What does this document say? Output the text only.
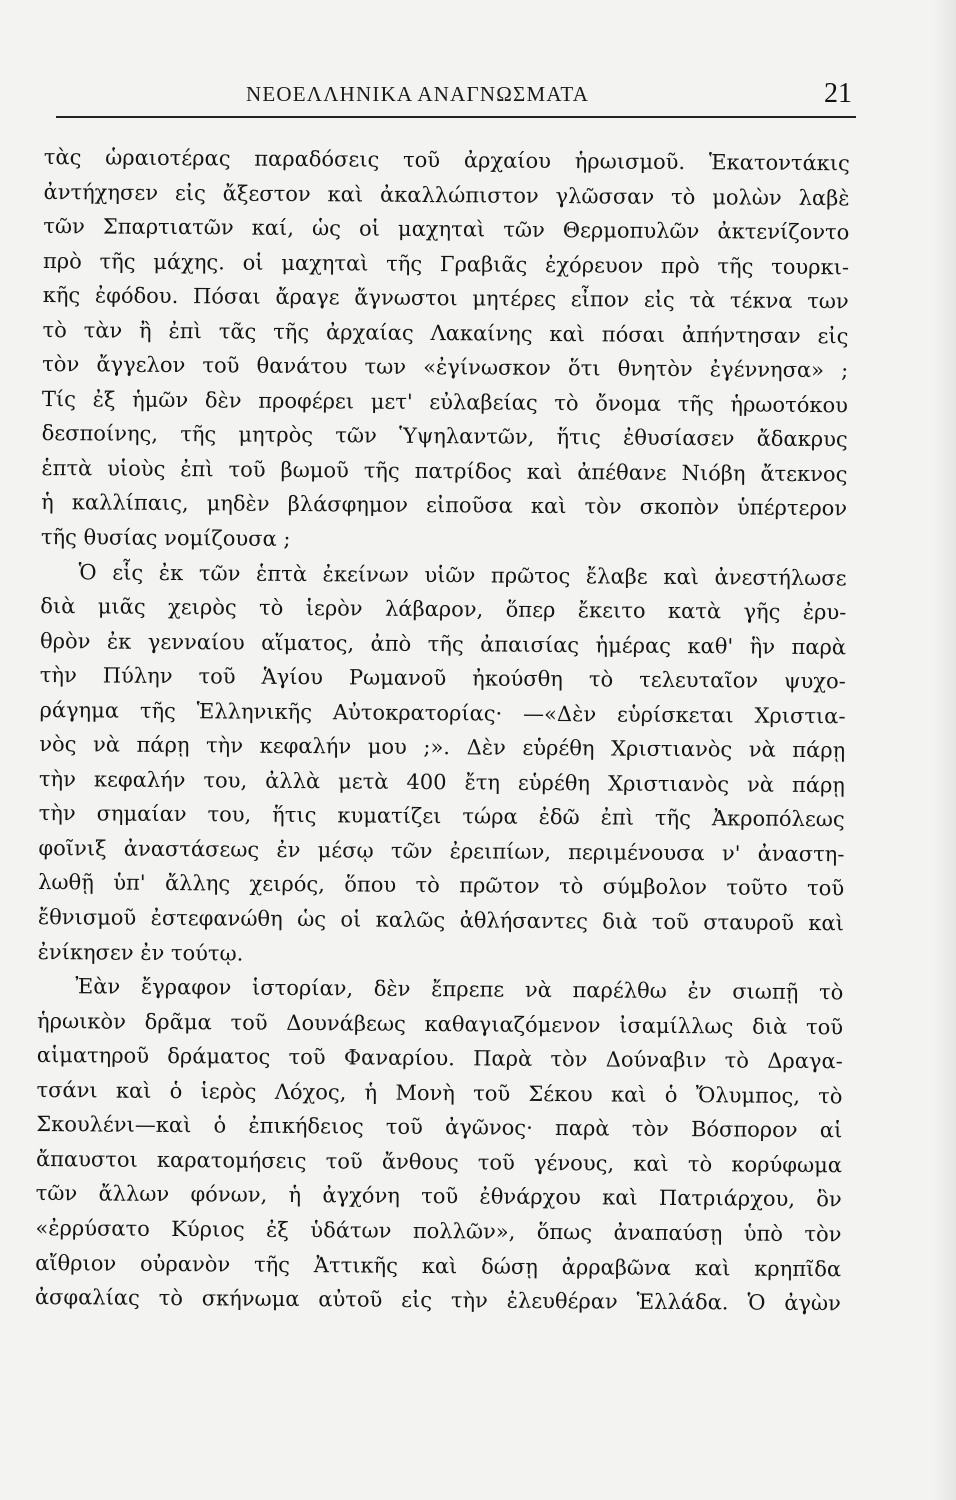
ΝΕΟΕΛΛΗΝΙΚΑ ΑΝΑΓΝΩΣΜΑΤΑ	21
τὰς ὡραιοτέρας παραδόσεις τοῦ ἀρχαίου ἡρωισμοῦ. Ἑκατοντάκις
ἀντήχησεν εἰς ἄξεστον καὶ ἀκαλλώπιστον γλῶσσαν τὸ μολὼν λαβὲ
τῶν Σπαρτιατῶν καί, ὡς οἱ μαχηταὶ τῶν Θερμοπυλῶν ἀκτενίζοντο
πρὸ τῆς μάχης. οἱ μαχηταὶ τῆς Γραβιᾶς ἐχόρευον πρὸ τῆς τουρκι-
κῆς ἐφόδου. Πόσαι ἄραγε ἄγνωστοι μητέρες εἶπον εἰς τὰ τέκνα των
τὸ τὰν ἢ ἐπὶ τᾶς τῆς ἀρχαίας Λακαίνης καὶ πόσαι ἀπήντησαν εἰς
τὸν ἄγγελον τοῦ θανάτου των «ἐγίνωσκον ὅτι θνητὸν ἐγέννησα» ;
Τίς ἐξ ἡμῶν δὲν προφέρει μετ' εὐλαβείας τὸ ὄνομα τῆς ἡρωοτόκου
δεσποίνης, τῆς μητρὸς τῶν Ὑψηλαντῶν, ἥτις ἐθυσίασεν ἄδακρυς
ἑπτὰ υἱοὺς ἐπὶ τοῦ βωμοῦ τῆς πατρίδος καὶ ἀπέθανε Νιόβη ἄτεκνος
ἡ καλλίπαις, μηδὲν βλάσφημον εἰποῦσα καὶ τὸν σκοπὸν ὑπέρτερον
τῆς θυσίας νομίζουσα ;
Ὁ εἷς ἐκ τῶν ἑπτὰ ἐκείνων υἱῶν πρῶτος ἔλαβε καὶ ἀνεστήλωσε
διὰ μιᾶς χειρὸς τὸ ἱερὸν λάβαρον, ὅπερ ἔκειτο κατὰ γῆς ἐρυ-
θρὸν ἐκ γενναίου αἵματος, ἀπὸ τῆς ἀπαισίας ἡμέρας καθ' ἣν παρὰ
τὴν Πύλην τοῦ Ἁγίου Ρωμανοῦ ἠκούσθη τὸ τελευταῖον ψυχο-
ράγημα τῆς Ἑλληνικῆς Αὐτοκρατορίας· —«Δὲν εὑρίσκεται Χριστια-
νὸς νὰ πάρῃ τὴν κεφαλήν μου ;». Δὲν εὑρέθη Χριστιανὸς νὰ πάρῃ
τὴν κεφαλήν του, ἀλλὰ μετὰ 400 ἔτη εὑρέθη Χριστιανὸς νὰ πάρῃ
τὴν σημαίαν του, ἥτις κυματίζει τώρα ἐδῶ ἐπὶ τῆς Ἀκροπόλεως
φοῖνιξ ἀναστάσεως ἐν μέσῳ τῶν ἐρειπίων, περιμένουσα ν' ἀναστη-
λωθῇ ὑπ' ἄλλης χειρός, ὅπου τὸ πρῶτον τὸ σύμβολον τοῦτο τοῦ
ἔθνισμοῦ ἐστεφανώθη ὡς οἱ καλῶς ἀθλήσαντες διὰ τοῦ σταυροῦ καὶ
ἐνίκησεν ἐν τούτῳ.
Ἐὰν ἔγραφον ἱστορίαν, δὲν ἔπρεπε νὰ παρέλθω ἐν σιωπῇ τὸ
ἡρωικὸν δρᾶμα τοῦ Δουνάβεως καθαγιαζόμενον ἰσαμίλλως διὰ τοῦ
αἱματηροῦ δράματος τοῦ Φαναρίου. Παρὰ τὸν Δούναβιν τὸ Δραγα-
τσάνι καὶ ὁ ἱερὸς Λόχος, ἡ Μονὴ τοῦ Σέκου καὶ ὁ Ὄλυμπος, τὸ
Σκουλένι—καὶ ὁ ἐπικήδειος τοῦ ἀγῶνος· παρὰ τὸν Βόσπορον αἱ
ἄπαυστοι καρατομήσεις τοῦ ἄνθους τοῦ γένους, καὶ τὸ κορύφωμα
τῶν ἄλλων φόνων, ἡ ἀγχόνη τοῦ ἐθνάρχου καὶ Πατριάρχου, ὃν
«ἐρρύσατο Κύριος ἐξ ὑδάτων πολλῶν», ὅπως ἀναπαύσῃ ὑπὸ τὸν
αἴθριον οὐρανὸν τῆς Ἀττικῆς καὶ δώσῃ ἀρραβῶνα καὶ κρηπῖδα
ἀσφαλίας τὸ σκήνωμα αὐτοῦ εἰς τὴν ἐλευθέραν Ἑλλάδα. Ὁ ἀγὼν
